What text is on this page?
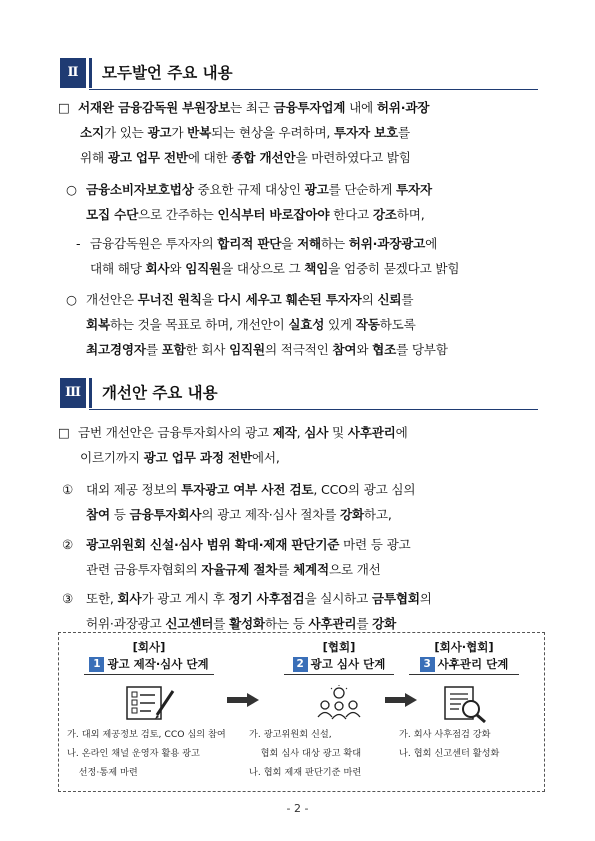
Ⅱ	모두발언 주요 내용
□ 서재완 금융감독원 부원장보는 최근 금융투자업계 내에 허위·과장
소지가 있는 광고가 반복되는 현상을 우려하며, 투자자 보호를
위해 광고 업무 전반에 대한 종합 개선안을 마련하였다고 밝힘
○ 금융소비자보호법상 중요한 규제 대상인 광고를 단순하게 투자자
모집 수단으로 간주하는 인식부터 바로잡아야 한다고 강조하며,
- 금융감독원은 투자자의 합리적 판단을 저해하는 허위·과장광고에
대해 해당 회사와 임직원을 대상으로 그 책임을 엄중히 묻겠다고 밝힘
○ 개선안은 무너진 원칙을 다시 세우고 훼손된 투자자의 신뢰를
회복하는 것을 목표로 하며, 개선안이 실효성 있게 작동하도록
최고경영자를 포함한 회사 임직원의 적극적인 참여와 협조를 당부함
Ⅲ	개선안 주요 내용
□ 금번 개선안은 금융투자회사의 광고 제작, 심사 및 사후관리에
이르기까지 광고 업무 과정 전반에서,
① 대외 제공 정보의 투자광고 여부 사전 검토, CCO의 광고 심의
참여 등 금융투자회사의 광고 제작·심사 절차를 강화하고,
② 광고위원회 신설·심사 범위 확대·제재 판단기준 마련 등 광고
관련 금융투자협회의 자율규제 절차를 체계적으로 개선
③ 또한, 회사가 광고 게시 후 정기 사후점검을 실시하고 금투협회의
허위·과장광고 신고센터를 활성화하는 등 사후관리를 강화
[회사]
1 광고 제작·심사 단계
가. 대외 제공정보 검토, CCO 심의 참여
나. 온라인 채널 운영자 활용 광고
선정·통제 마련
[협회]
2 광고 심사 단계
가. 광고위원회 신설,
협회 심사 대상 광고 확대
나. 협회 제재 판단기준 마련
[회사·협회]
3 사후관리 단계
가. 회사 사후점검 강화
나. 협회 신고센터 활성화
- 2 -
